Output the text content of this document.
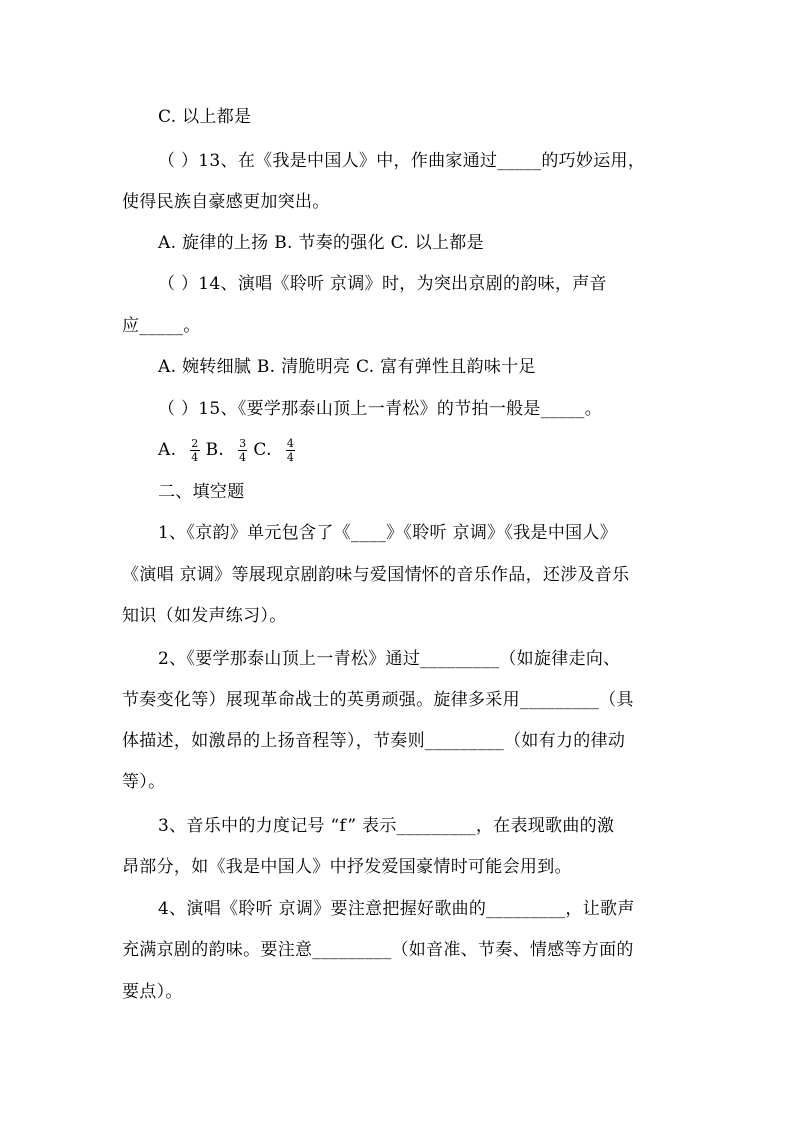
C. 以上都是
（ ）13、在《我是中国人》中，作曲家通过_____的巧妙运用，
使得民族自豪感更加突出。
A. 旋律的上扬 B. 节奏的强化 C. 以上都是
（ ）14、演唱《聆听 京调》时，为突出京剧的韵味，声音
应_____。
A. 婉转细腻 B. 清脆明亮 C. 富有弹性且韵味十足
（ ）15、《要学那泰山顶上一青松》的节拍一般是_____。
A. $\frac{2}{4} B$. $\frac{3}{4} C$. $\frac{4}{4}$
二、填空题
1、《京韵》单元包含了《____》《聆听 京调》《我是中国人》
《演唱 京调》等展现京剧韵味与爱国情怀的音乐作品，还涉及音乐
知识（如发声练习）。
2、《要学那泰山顶上一青松》通过_________（如旋律走向、
节奏变化等）展现革命战士的英勇顽强。旋律多采用_________（具
体描述，如激昂的上扬音程等），节奏则_________（如有力的律动
等）。
3、音乐中的力度记号 “f” 表示_________，在表现歌曲的激
昂部分，如《我是中国人》中抒发爱国豪情时可能会用到。
4、演唱《聆听 京调》要注意把握好歌曲的_________，让歌声
充满京剧的韵味。要注意_________（如音准、节奏、情感等方面的
要点）。
